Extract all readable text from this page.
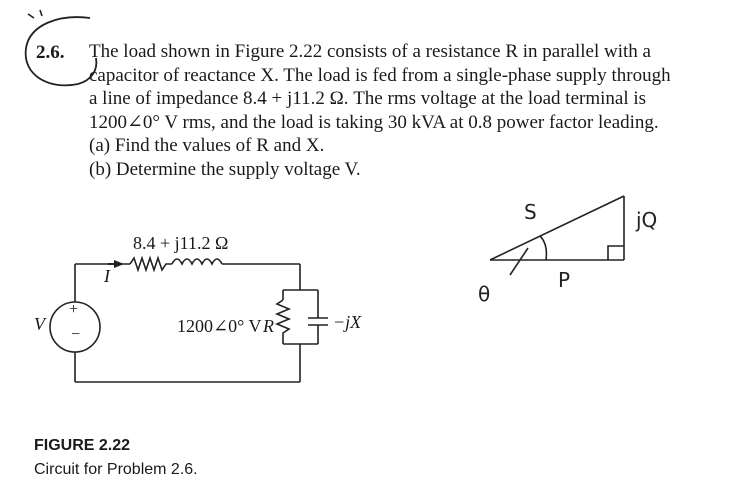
2.6. The load shown in Figure 2.22 consists of a resistance R in parallel with a
capacitor of reactance X. The load is fed from a single-phase supply through
a line of impedance 8.4 + j11.2 Ω. The rms voltage at the load terminal is
1200∠0° V rms, and the load is taking 30 kVA at 0.8 power factor leading.
(a) Find the values of R and X.
(b) Determine the supply voltage V.
8.4 + j11.2 Ω
I
V
+
−	1200∠0° V R	−jX
S	jQ
P
θ
FIGURE 2.22
Circuit for Problem 2.6.
